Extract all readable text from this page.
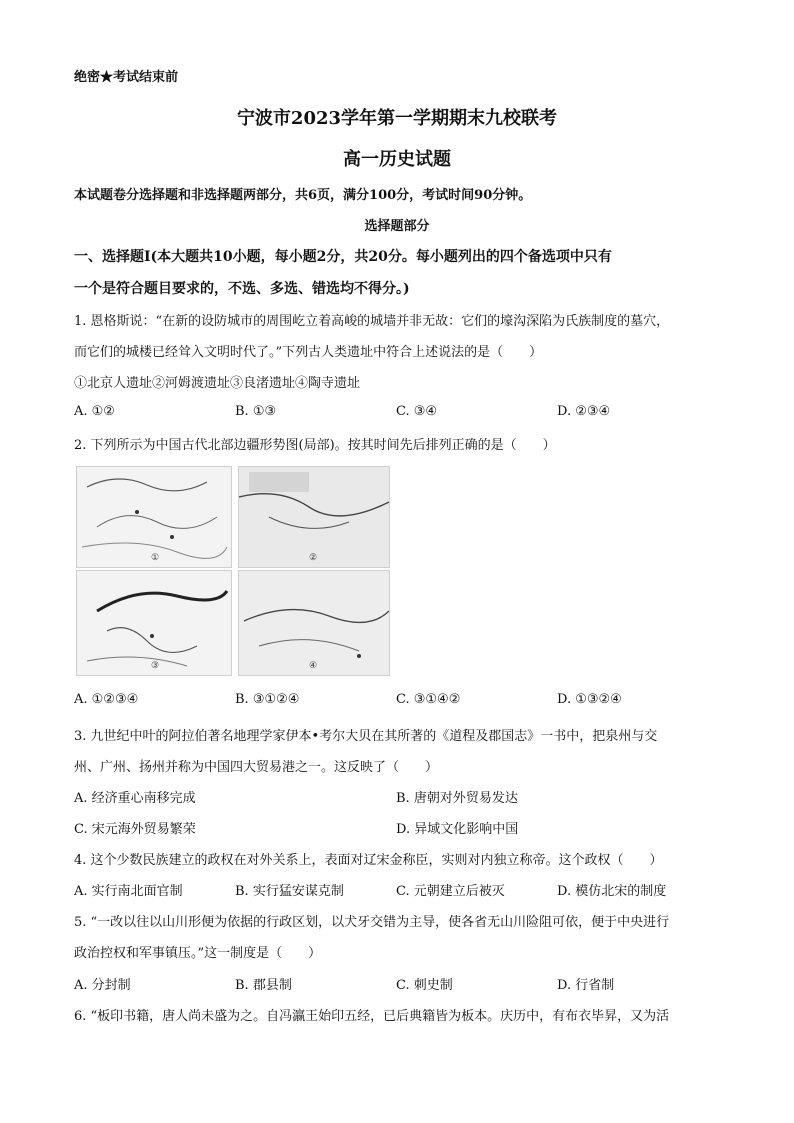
绝密★考试结束前
宁波市2023学年第一学期期末九校联考
高一历史试题
本试题卷分选择题和非选择题两部分，共6页，满分100分，考试时间90分钟。
选择题部分
一、选择题Ⅰ(本大题共10小题，每小题2分，共20分。每小题列出的四个备选项中只有
一个是符合题目要求的，不选、多选、错选均不得分。)
1. 恩格斯说：“在新的设防城市的周围屹立着高峻的城墙并非无故：它们的壕沟深陷为氏族制度的墓穴，
而它们的城楼已经耸入文明时代了。”下列古人类遗址中符合上述说法的是（　　）
①北京人遗址②河姆渡遗址③良渚遗址④陶寺遗址
A. ①②	B. ①③	C. ③④	D. ②③④
2. 下列所示为中国古代北部边疆形势图(局部)。按其时间先后排列正确的是（　　）
①	②
③	④
A. ①②③④	B. ③①②④	C. ③①④②	D. ①③②④
3. 九世纪中叶的阿拉伯著名地理学家伊本•考尔大贝在其所著的《道程及郡国志》一书中，把泉州与交
州、广州、扬州并称为中国四大贸易港之一。这反映了（　　）
A. 经济重心南移完成	B. 唐朝对外贸易发达
C. 宋元海外贸易繁荣	D. 异域文化影响中国
4. 这个少数民族建立的政权在对外关系上，表面对辽宋金称臣，实则对内独立称帝。这个政权（　　）
A. 实行南北面官制	B. 实行猛安谋克制	C. 元朝建立后被灭	D. 模仿北宋的制度
5. “一改以往以山川形便为依据的行政区划，以犬牙交错为主导，使各省无山川险阻可依，便于中央进行
政治控权和军事镇压。”这一制度是（　　）
A. 分封制	B. 郡县制	C. 刺史制	D. 行省制
6. “板印书籍，唐人尚未盛为之。自冯瀛王始印五经，已后典籍皆为板本。庆历中，有布衣毕昇，又为活
